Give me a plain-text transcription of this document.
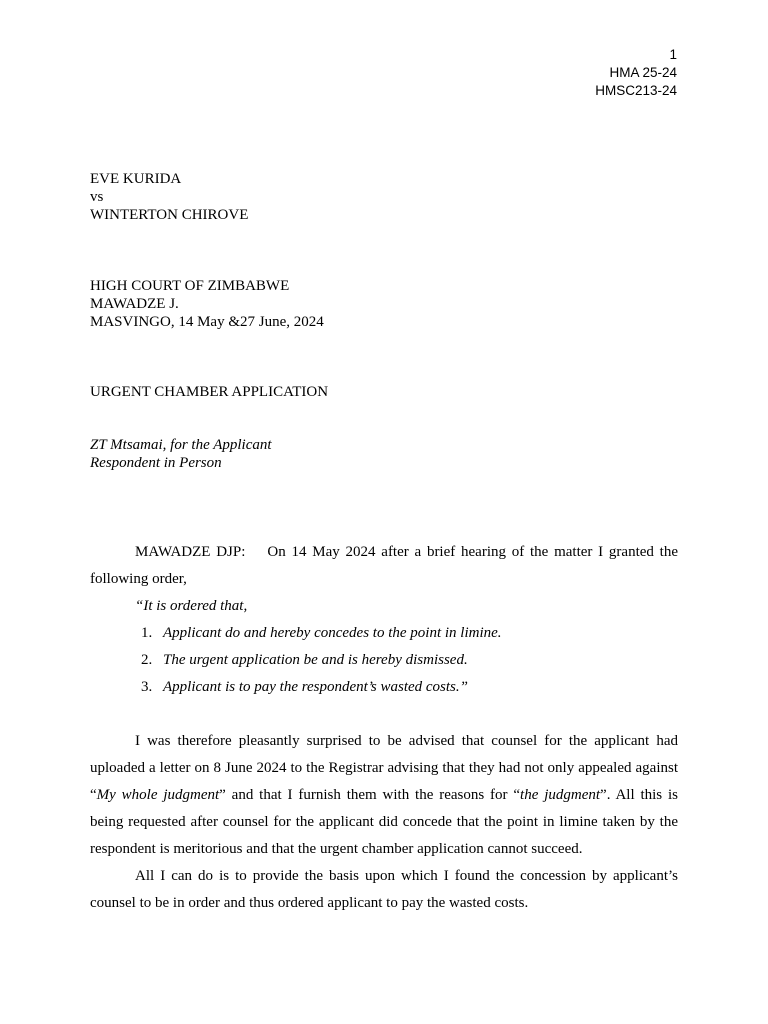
1
HMA 25-24
HMSC213-24
EVE KURIDA
vs
WINTERTON CHIROVE
HIGH COURT OF ZIMBABWE
MAWADZE J.
MASVINGO, 14 May &27 June, 2024
URGENT CHAMBER APPLICATION
ZT Mtsamai, for the Applicant
Respondent in Person

MAWADZE DJP: On 14 May 2024 after a brief hearing of the matter I granted the following order,

“It is ordered that,

1. Applicant do and hereby concedes to the point in limine.
2. The urgent application be and is hereby dismissed.
3. Applicant is to pay the respondent’s wasted costs.”

I was therefore pleasantly surprised to be advised that counsel for the applicant had uploaded a letter on 8 June 2024 to the Registrar advising that they had not only appealed against “My whole judgment” and that I furnish them with the reasons for “the judgment”. All this is being requested after counsel for the applicant did concede that the point in limine taken by the respondent is meritorious and that the urgent chamber application cannot succeed.

All I can do is to provide the basis upon which I found the concession by applicant’s counsel to be in order and thus ordered applicant to pay the wasted costs.
